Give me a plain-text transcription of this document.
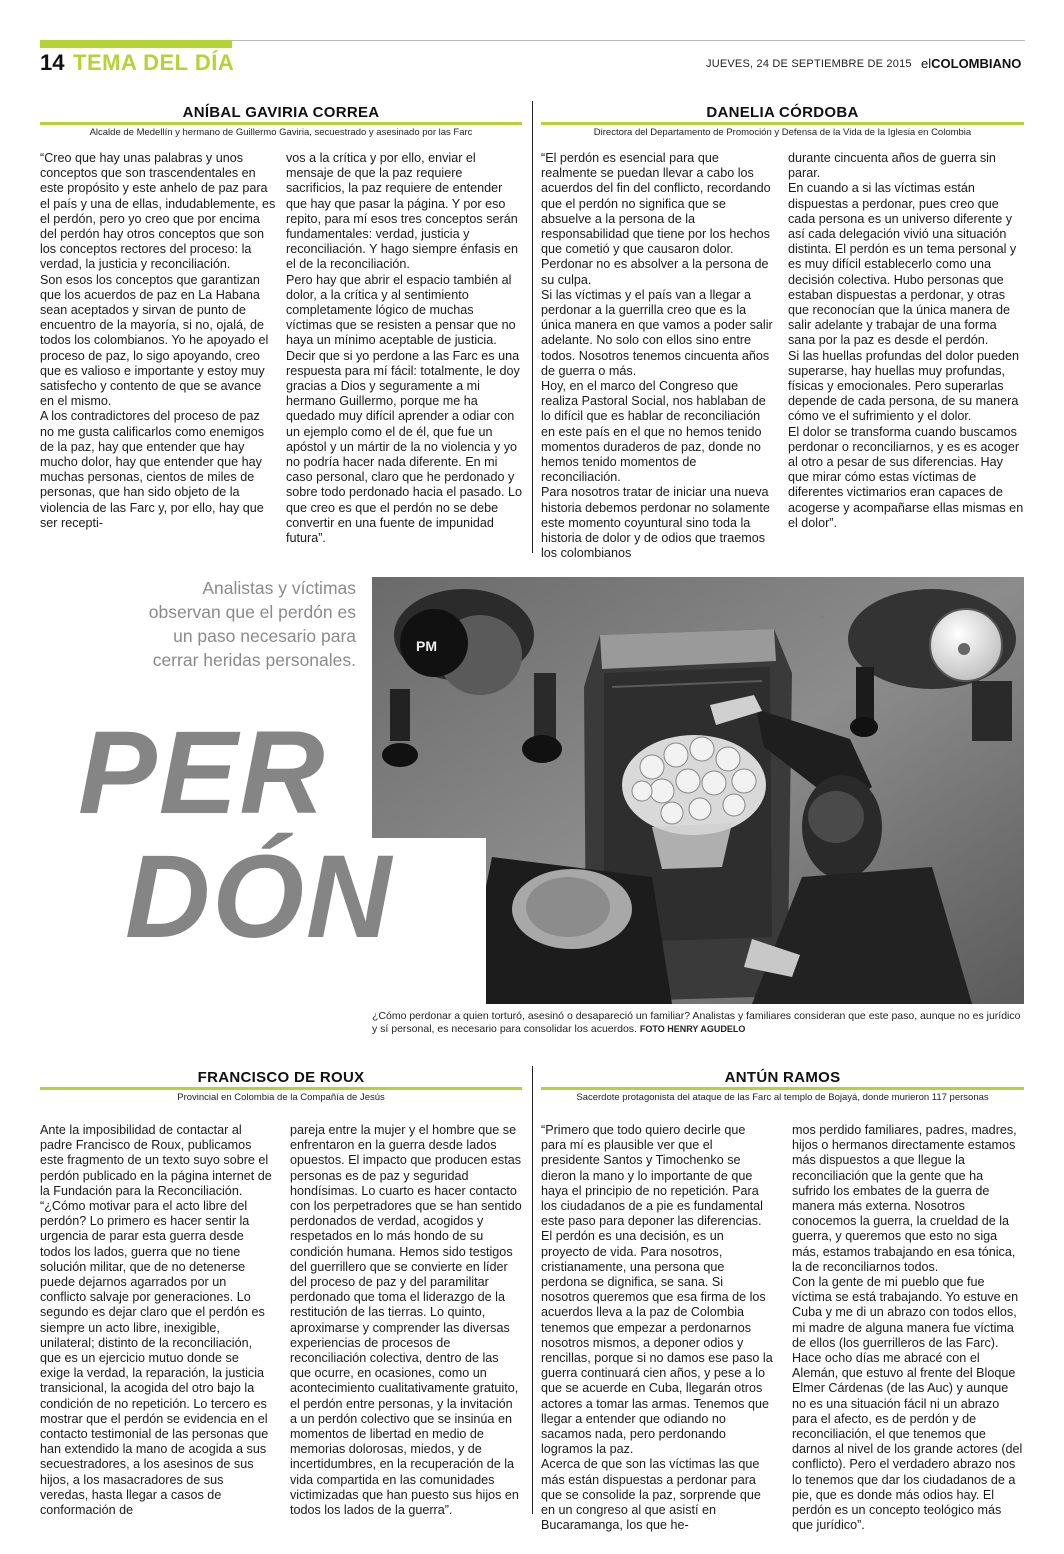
14 TEMA DEL DÍA	JUEVES, 24 DE SEPTIEMBRE DE 2015 elCOLOMBIANO
ANÍBAL GAVIRIA CORREA
Alcalde de Medellín y hermano de Guillermo Gaviria, secuestrado y asesinado por las Farc

“Creo que hay unas palabras y unos conceptos que son trascendentales en este propósito y este anhelo de paz para el país y una de ellas, indudablemente, es el perdón, pero yo creo que por encima del perdón hay otros conceptos que son los conceptos rectores del proceso: la verdad, la justicia y reconciliación.

Son esos los conceptos que garantizan que los acuerdos de paz en La Habana sean aceptados y sirvan de punto de encuentro de la mayoría, si no, ojalá, de todos los colombianos. Yo he apoyado el proceso de paz, lo sigo apoyando, creo que es valioso e importante y estoy muy satisfecho y contento de que se avance en el mismo.

A los contradictores del proceso de paz no me gusta calificarlos como enemigos de la paz, hay que entender que hay mucho dolor, hay que entender que hay muchas personas, cientos de miles de personas, que han sido objeto de la violencia de las Farc y, por ello, hay que ser recepti-

vos a la crítica y por ello, enviar el mensaje de que la paz requiere sacrificios, la paz requiere de entender que hay que pasar la página. Y por eso repito, para mí esos tres conceptos serán fundamentales: verdad, justicia y reconciliación. Y hago siempre énfasis en el de la reconciliación.

Pero hay que abrir el espacio también al dolor, a la crítica y al sentimiento completamente lógico de muchas víctimas que se resisten a pensar que no haya un mínimo aceptable de justicia.

Decir que si yo perdone a las Farc es una respuesta para mí fácil: totalmente, le doy gracias a Dios y seguramente a mi hermano Guillermo, porque me ha quedado muy difícil aprender a odiar con un ejemplo como el de él, que fue un apóstol y un mártir de la no violencia y yo no podría hacer nada diferente. En mi caso personal, claro que he perdonado y sobre todo perdonado hacia el pasado. Lo que creo es que el perdón no se debe convertir en una fuente de impunidad futura”.

DANELIA CÓRDOBA
Directora del Departamento de Promoción y Defensa de la Vida de la Iglesia en Colombia

“El perdón es esencial para que realmente se puedan llevar a cabo los acuerdos del fin del conflicto, recordando que el perdón no significa que se absuelve a la persona de la responsabilidad que tiene por los hechos que cometió y que causaron dolor. Perdonar no es absolver a la persona de su culpa.

Si las víctimas y el país van a llegar a perdonar a la guerrilla creo que es la única manera en que vamos a poder salir adelante. No solo con ellos sino entre todos. Nosotros tenemos cincuenta años de guerra o más.

Hoy, en el marco del Congreso que realiza Pastoral Social, nos hablaban de lo difícil que es hablar de reconciliación en este país en el que no hemos tenido momentos duraderos de paz, donde no hemos tenido momentos de reconciliación.

Para nosotros tratar de iniciar una nueva historia debemos perdonar no solamente este momento coyuntural sino toda la historia de dolor y de odios que traemos los colombianos

durante cincuenta años de guerra sin parar.

En cuando a si las víctimas están dispuestas a perdonar, pues creo que cada persona es un universo diferente y así cada delegación vivió una situación distinta. El perdón es un tema personal y es muy difícil establecerlo como una decisión colectiva. Hubo personas que estaban dispuestas a perdonar, y otras que reconocían que la única manera de salir adelante y trabajar de una forma sana por la paz es desde el perdón.

Si las huellas profundas del dolor pueden superarse, hay huellas muy profundas, físicas y emocionales. Pero superarlas depende de cada persona, de su manera cómo ve el sufrimiento y el dolor.

El dolor se transforma cuando buscamos perdonar o reconciliarnos, y es es acoger al otro a pesar de sus diferencias. Hay que mirar cómo estas víctimas de diferentes victimarios eran capaces de acogerse y acompañarse ellas mismas en el dolor”.

Analistas y víctimas observan que el perdón es un paso necesario para cerrar heridas personales.
PM
PER
DÓN
¿Cómo perdonar a quien torturó, asesinó o desapareció un familiar? Analistas y familiares consideran que este paso, aunque no es jurídico y sí personal, es necesario para consolidar los acuerdos. FOTO HENRY AGUDELO
FRANCISCO DE ROUX
Provincial en Colombia de la Compañía de Jesús

Ante la imposibilidad de contactar al padre Francisco de Roux, publicamos este fragmento de un texto suyo sobre el perdón publicado en la página internet de la Fundación para la Reconciliación.

“¿Cómo motivar para el acto libre del perdón? Lo primero es hacer sentir la urgencia de parar esta guerra desde todos los lados, guerra que no tiene solución militar, que de no detenerse puede dejarnos agarrados por un conflicto salvaje por generaciones. Lo segundo es dejar claro que el perdón es siempre un acto libre, inexigible, unilateral; distinto de la reconciliación, que es un ejercicio mutuo donde se exige la verdad, la reparación, la justicia transicional, la acogida del otro bajo la condición de no repetición. Lo tercero es mostrar que el perdón se evidencia en el contacto testimonial de las personas que han extendido la mano de acogida a sus secuestradores, a los asesinos de sus hijos, a los masacradores de sus veredas, hasta llegar a casos de conformación de

pareja entre la mujer y el hombre que se enfrentaron en la guerra desde lados opuestos. El impacto que producen estas personas es de paz y seguridad hondísimas. Lo cuarto es hacer contacto con los perpetradores que se han sentido perdonados de verdad, acogidos y respetados en lo más hondo de su condición humana. Hemos sido testigos del guerrillero que se convierte en líder del proceso de paz y del paramilitar perdonado que toma el liderazgo de la restitución de las tierras. Lo quinto, aproximarse y comprender las diversas experiencias de procesos de reconciliación colectiva, dentro de las que ocurre, en ocasiones, como un acontecimiento cualitativamente gratuito, el perdón entre personas, y la invitación a un perdón colectivo que se insinúa en momentos de libertad en medio de memorias dolorosas, miedos, y de incertidumbres, en la recuperación de la vida compartida en las comunidades victimizadas que han puesto sus hijos en todos los lados de la guerra”.

ANTÚN RAMOS
Sacerdote protagonista del ataque de las Farc al templo de Bojayá, donde murieron 117 personas

“Primero que todo quiero decirle que para mí es plausible ver que el presidente Santos y Timochenko se dieron la mano y lo importante de que haya el principio de no repetición. Para los ciudadanos de a pie es fundamental este paso para deponer las diferencias. El perdón es una decisión, es un proyecto de vida. Para nosotros, cristianamente, una persona que perdona se dignifica, se sana. Si nosotros queremos que esa firma de los acuerdos lleva a la paz de Colombia tenemos que empezar a perdonarnos nosotros mismos, a deponer odios y rencillas, porque si no damos ese paso la guerra continuará cien años, y pese a lo que se acuerde en Cuba, llegarán otros actores a tomar las armas. Tenemos que llegar a entender que odiando no sacamos nada, pero perdonando logramos la paz.

Acerca de que son las víctimas las que más están dispuestas a perdonar para que se consolide la paz, sorprende que en un congreso al que asistí en Bucaramanga, los que he-

mos perdido familiares, padres, madres, hijos o hermanos directamente estamos más dispuestos a que llegue la reconciliación que la gente que ha sufrido los embates de la guerra de manera más externa. Nosotros conocemos la guerra, la crueldad de la guerra, y queremos que esto no siga más, estamos trabajando en esa tónica, la de reconciliarnos todos.

Con la gente de mi pueblo que fue víctima se está trabajando. Yo estuve en Cuba y me di un abrazo con todos ellos, mi madre de alguna manera fue víctima de ellos (los guerrilleros de las Farc). Hace ocho días me abracé con el Alemán, que estuvo al frente del Bloque Elmer Cárdenas (de las Auc) y aunque no es una situación fácil ni un abrazo para el afecto, es de perdón y de reconciliación, el que tenemos que darnos al nivel de los grande actores (del conflicto). Pero el verdadero abrazo nos lo tenemos que dar los ciudadanos de a pie, que es donde más odios hay. El perdón es un concepto teológico más que jurídico”.
